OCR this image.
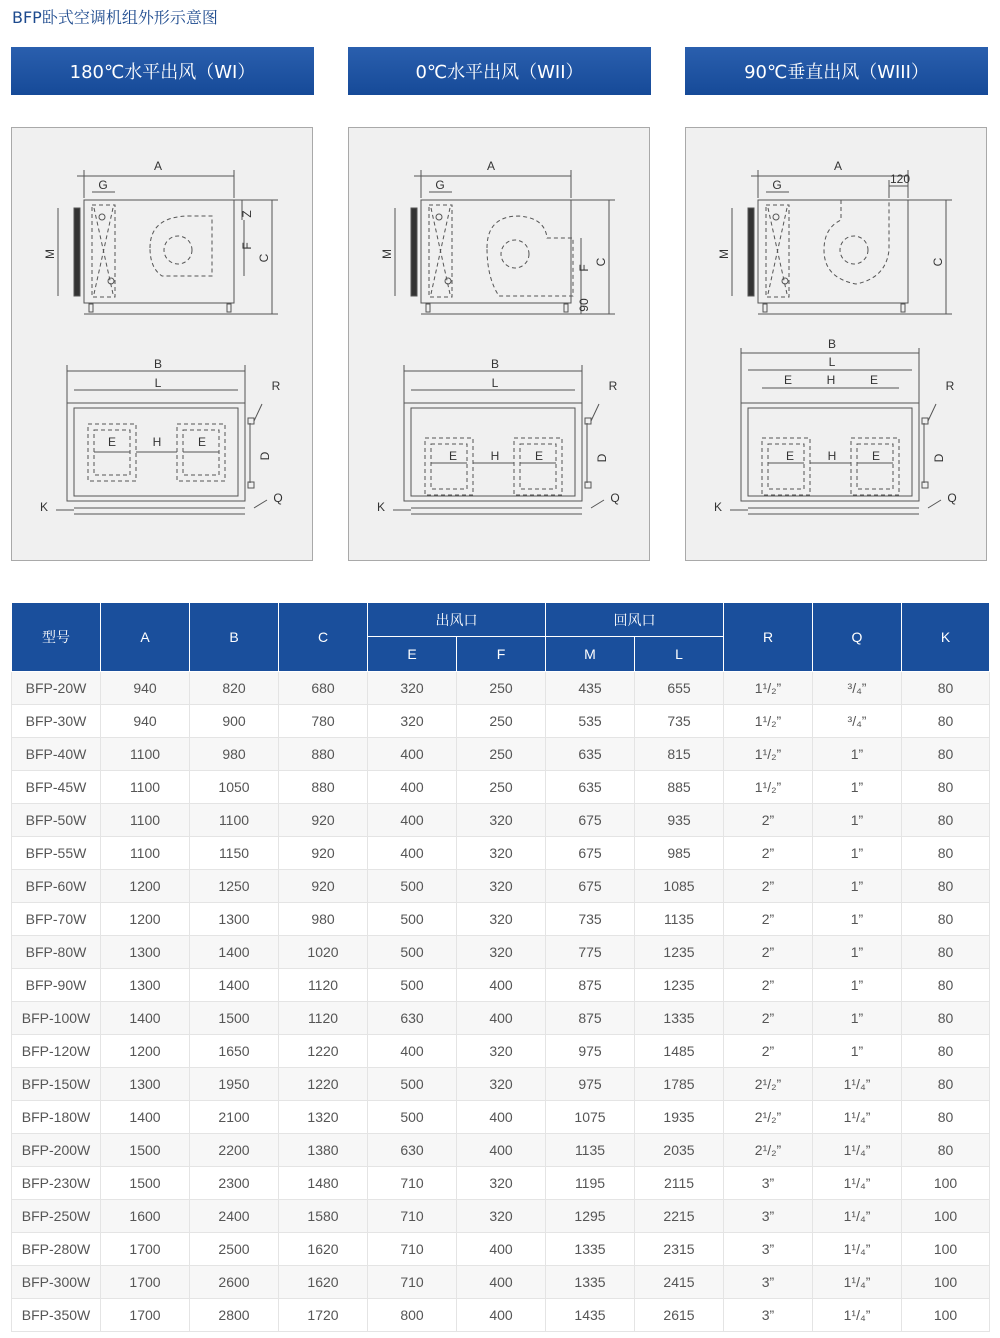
BFP卧式空调机组外形示意图
180℃水平出风（WI）	0℃水平出风（WII）	90℃垂直出风（WIII）
A
G
M
Z
F
C
B
L	R
E	H	E
D
K
Q
A
G
M
F
90
C
B
L	R
E	H	E	D
K
Q
A
G	120
M
C
B
L
E	H	E	R
E	H	E	D
K
Q
型号	A	B	C	出风口		回风口		R	Q	K
				E	F	M	L			
BFP-20W	940	820	680	320	250	435	655	1¹/₂”	³/₄”	80
BFP-30W	940	900	780	320	250	535	735	1¹/₂”	³/₄”	80
BFP-40W	1100	980	880	400	250	635	815	1¹/₂”	1”	80
BFP-45W	1100	1050	880	400	250	635	885	1¹/₂”	1”	80
BFP-50W	1100	1100	920	400	320	675	935	2”	1”	80
BFP-55W	1100	1150	920	400	320	675	985	2”	1”	80
BFP-60W	1200	1250	920	500	320	675	1085	2”	1”	80
BFP-70W	1200	1300	980	500	320	735	1135	2”	1”	80
BFP-80W	1300	1400	1020	500	320	775	1235	2”	1”	80
BFP-90W	1300	1400	1120	500	400	875	1235	2”	1”	80
BFP-100W	1400	1500	1120	630	400	875	1335	2”	1”	80
BFP-120W	1200	1650	1220	400	320	975	1485	2”	1”	80
BFP-150W	1300	1950	1220	500	320	975	1785	2¹/₂”	1¹/₄”	80
BFP-180W	1400	2100	1320	500	400	1075	1935	2¹/₂”	1¹/₄”	80
BFP-200W	1500	2200	1380	630	400	1135	2035	2¹/₂”	1¹/₄”	80
BFP-230W	1500	2300	1480	710	320	1195	2115	3”	1¹/₄”	100
BFP-250W	1600	2400	1580	710	320	1295	2215	3”	1¹/₄”	100
BFP-280W	1700	2500	1620	710	400	1335	2315	3”	1¹/₄”	100
BFP-300W	1700	2600	1620	710	400	1335	2415	3”	1¹/₄”	100
BFP-350W	1700	2800	1720	800	400	1435	2615	3”	1¹/₄”	100
